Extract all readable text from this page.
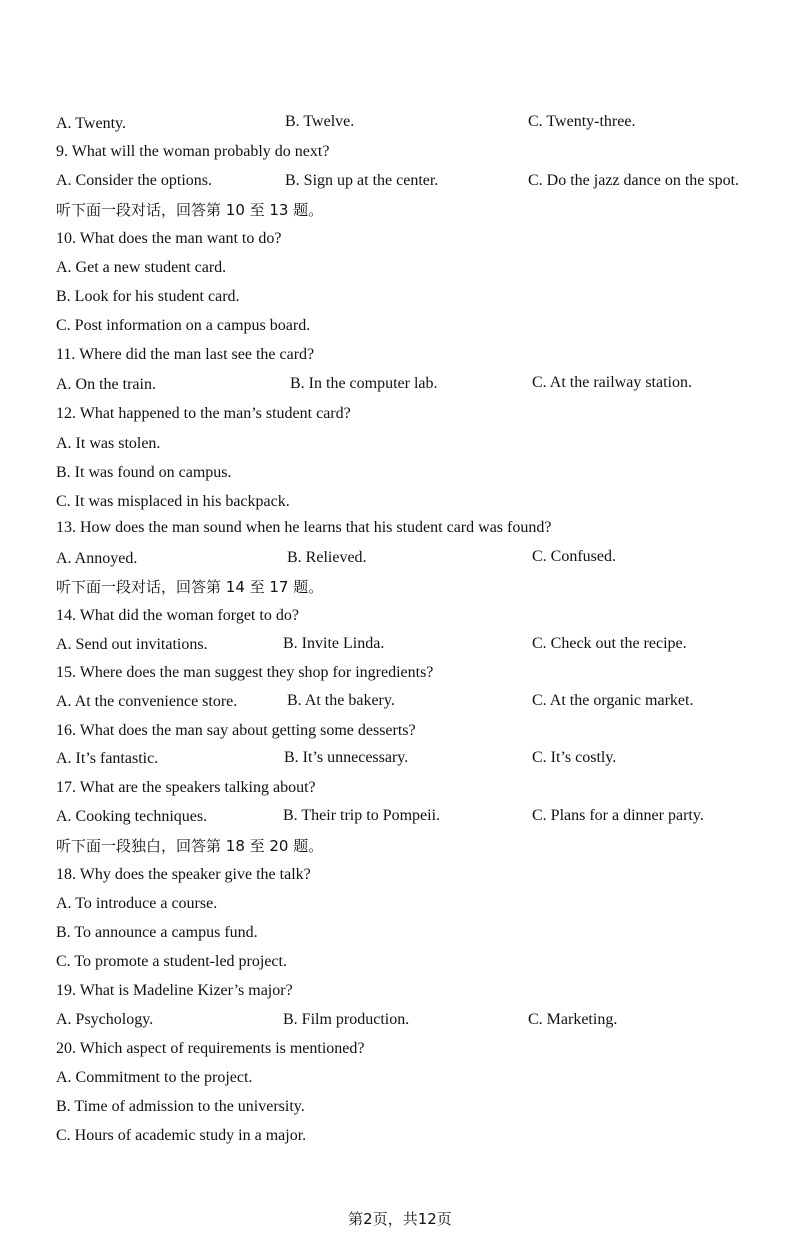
A. Twenty.	B. Twelve.	C. Twenty-three.
9. What will the woman probably do next?
A. Consider the options.	B. Sign up at the center.	C. Do the jazz dance on the spot.
听下面一段对话，回答第 10 至 13 题。
10. What does the man want to do?
A. Get a new student card.
B. Look for his student card.
C. Post information on a campus board.
11. Where did the man last see the card?
A. On the train.	B. In the computer lab.	C. At the railway station.
12. What happened to the man’s student card?
A. It was stolen.
B. It was found on campus.
C. It was misplaced in his backpack.
13. How does the man sound when he learns that his student card was found?
A. Annoyed.	B. Relieved.	C. Confused.
听下面一段对话，回答第 14 至 17 题。
14. What did the woman forget to do?
A. Send out invitations.	B. Invite Linda.	C. Check out the recipe.
15. Where does the man suggest they shop for ingredients?
A. At the convenience store.	B. At the bakery.	C. At the organic market.
16. What does the man say about getting some desserts?
A. It’s fantastic.	B. It’s unnecessary.	C. It’s costly.
17. What are the speakers talking about?
A. Cooking techniques.	B. Their trip to Pompeii.	C. Plans for a dinner party.
听下面一段独白，回答第 18 至 20 题。
18. Why does the speaker give the talk?
A. To introduce a course.
B. To announce a campus fund.
C. To promote a student-led project.
19. What is Madeline Kizer’s major?
A. Psychology.	B. Film production.	C. Marketing.
20. Which aspect of requirements is mentioned?
A. Commitment to the project.
B. Time of admission to the university.
C. Hours of academic study in a major.
第2页，共12页
